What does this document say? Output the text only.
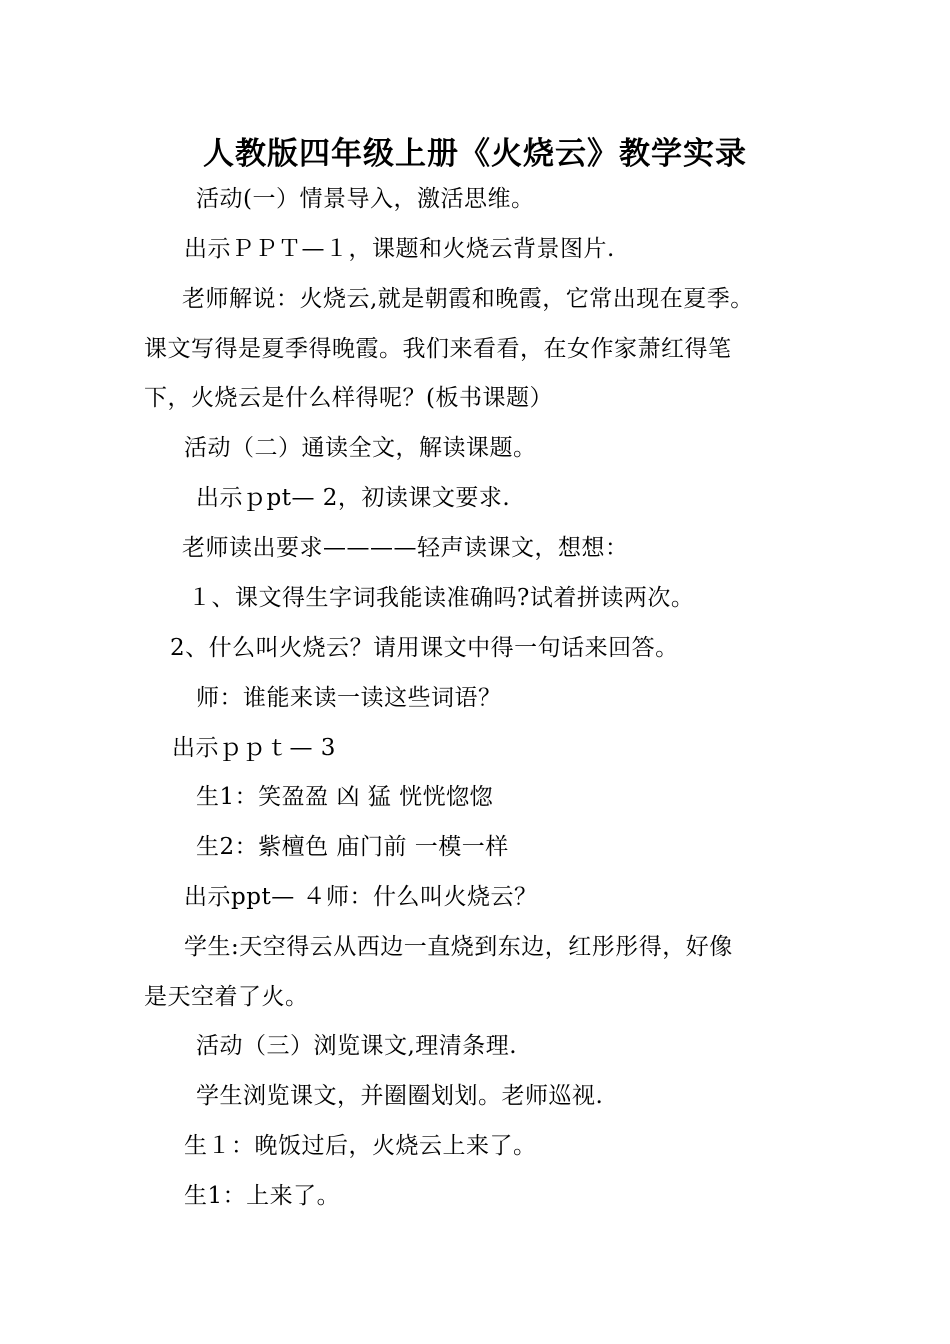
人教版四年级上册《火烧云》教学实录
活动(一）情景导入，激活思维。
出示ＰＰＴ—１，课题和火烧云背景图片.
老师解说：火烧云,就是朝霞和晚霞，它常出现在夏季。
课文写得是夏季得晚霞。我们来看看，在女作家萧红得笔
下，火烧云是什么样得呢？(板书课题）
活动（二）通读全文，解读课题。
出示ｐpt— 2，初读课文要求.
老师读出要求————轻声读课文，想想：
１、课文得生字词我能读准确吗?试着拼读两次。
2、什么叫火烧云？请用课文中得一句话来回答。
师：谁能来读一读这些词语？
出示ｐｐｔ— 3
生1：笑盈盈 凶 猛 恍恍惚惚
生2：紫檀色 庙门前 一模一样
出示ppt— ４师：什么叫火烧云？
学生:天空得云从西边一直烧到东边，红彤彤得，好像
是天空着了火。
活动（三）浏览课文,理清条理.
学生浏览课文，并圈圈划划。老师巡视.
生１：晚饭过后，火烧云上来了。
生1：上来了。
